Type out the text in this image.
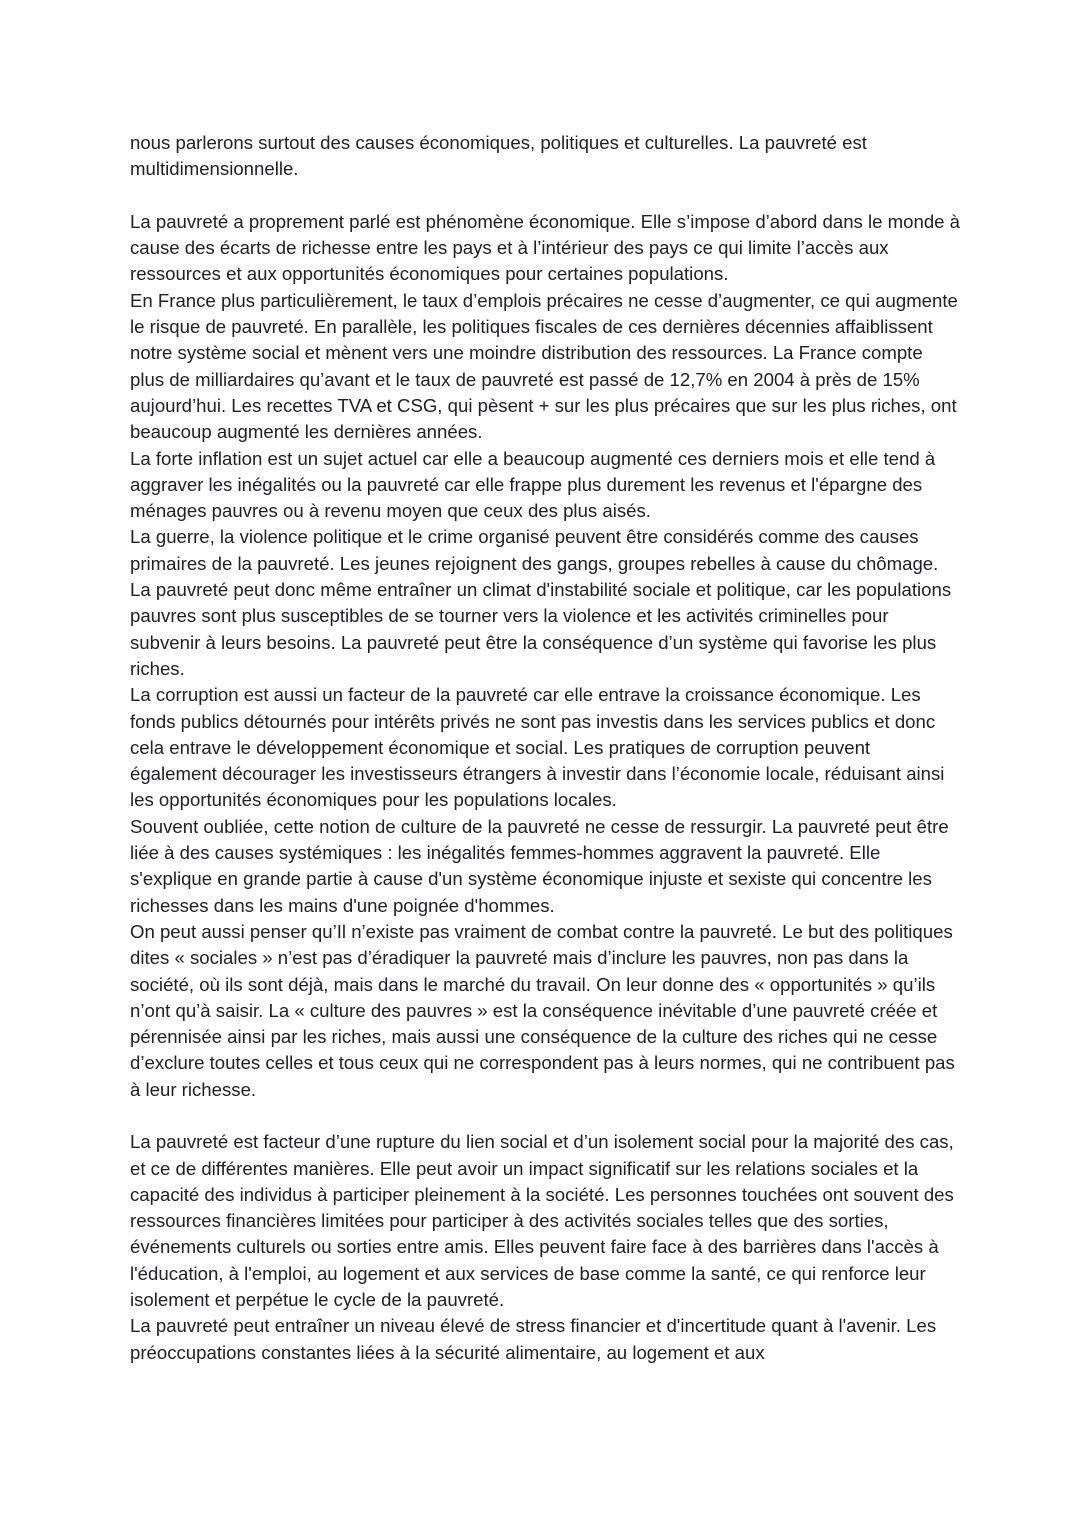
nous parlerons surtout des causes économiques, politiques et culturelles. La pauvreté est multidimensionnelle.

La pauvreté a proprement parlé est phénomène économique. Elle s’impose d’abord dans le monde à cause des écarts de richesse entre les pays et à l’intérieur des pays ce qui limite l’accès aux ressources et aux opportunités économiques pour certaines populations.

En France plus particulièrement, le taux d’emplois précaires ne cesse d’augmenter, ce qui augmente le risque de pauvreté. En parallèle, les politiques fiscales de ces dernières décennies affaiblissent notre système social et mènent vers une moindre distribution des ressources. La France compte plus de milliardaires qu’avant et le taux de pauvreté est passé de 12,7% en 2004 à près de 15% aujourd’hui. Les recettes TVA et CSG, qui pèsent + sur les plus précaires que sur les plus riches, ont beaucoup augmenté les dernières années.

La forte inflation est un sujet actuel car elle a beaucoup augmenté ces derniers mois et elle tend à aggraver les inégalités ou la pauvreté car elle frappe plus durement les revenus et l'épargne des ménages pauvres ou à revenu moyen que ceux des plus aisés.

La guerre, la violence politique et le crime organisé peuvent être considérés comme des causes primaires de la pauvreté. Les jeunes rejoignent des gangs, groupes rebelles à cause du chômage. La pauvreté peut donc même entraîner un climat d'instabilité sociale et politique, car les populations pauvres sont plus susceptibles de se tourner vers la violence et les activités criminelles pour subvenir à leurs besoins. La pauvreté peut être la conséquence d’un système qui favorise les plus riches.

La corruption est aussi un facteur de la pauvreté car elle entrave la croissance économique. Les fonds publics détournés pour intérêts privés ne sont pas investis dans les services publics et donc cela entrave le développement économique et social. Les pratiques de corruption peuvent également décourager les investisseurs étrangers à investir dans l’économie locale, réduisant ainsi les opportunités économiques pour les populations locales.

Souvent oubliée, cette notion de culture de la pauvreté ne cesse de ressurgir. La pauvreté peut être liée à des causes systémiques : les inégalités femmes-hommes aggravent la pauvreté. Elle s'explique en grande partie à cause d'un système économique injuste et sexiste qui concentre les richesses dans les mains d'une poignée d'hommes.

On peut aussi penser qu’Il n’existe pas vraiment de combat contre la pauvreté. Le but des politiques dites « sociales » n’est pas d’éradiquer la pauvreté mais d’inclure les pauvres, non pas dans la société, où ils sont déjà, mais dans le marché du travail. On leur donne des « opportunités » qu’ils n’ont qu’à saisir. La « culture des pauvres » est la conséquence inévitable d’une pauvreté créée et pérennisée ainsi par les riches, mais aussi une conséquence de la culture des riches qui ne cesse d’exclure toutes celles et tous ceux qui ne correspondent pas à leurs normes, qui ne contribuent pas à leur richesse.

La pauvreté est facteur d’une rupture du lien social et d’un isolement social pour la majorité des cas, et ce de différentes manières. Elle peut avoir un impact significatif sur les relations sociales et la capacité des individus à participer pleinement à la société. Les personnes touchées ont souvent des ressources financières limitées pour participer à des activités sociales telles que des sorties, événements culturels ou sorties entre amis. Elles peuvent faire face à des barrières dans l'accès à l'éducation, à l'emploi, au logement et aux services de base comme la santé, ce qui renforce leur isolement et perpétue le cycle de la pauvreté.

La pauvreté peut entraîner un niveau élevé de stress financier et d'incertitude quant à l'avenir. Les préoccupations constantes liées à la sécurité alimentaire, au logement et aux
